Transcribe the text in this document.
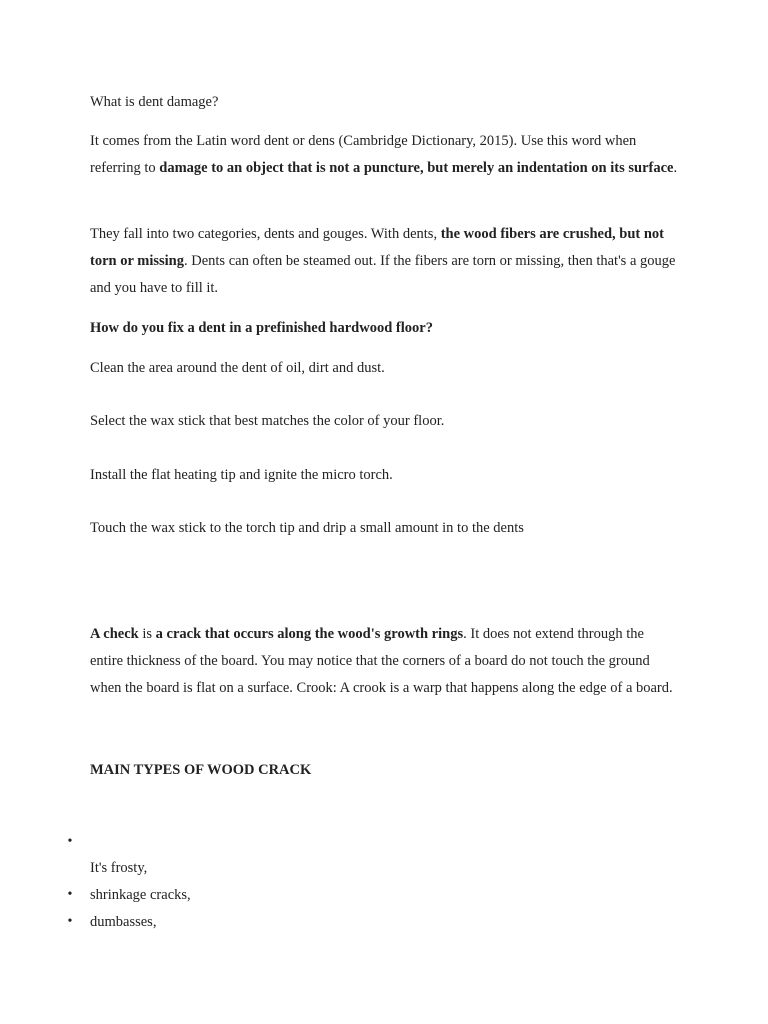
What is dent damage?
It comes from the Latin word dent or dens (Cambridge Dictionary, 2015). Use this word when referring to damage to an object that is not a puncture, but merely an indentation on its surface.
They fall into two categories, dents and gouges. With dents, the wood fibers are crushed, but not torn or missing. Dents can often be steamed out. If the fibers are torn or missing, then that's a gouge and you have to fill it.
How do you fix a dent in a prefinished hardwood floor?
Clean the area around the dent of oil, dirt and dust.
Select the wax stick that best matches the color of your floor.
Install the flat heating tip and ignite the micro torch.
Touch the wax stick to the torch tip and drip a small amount in to the dents
A check is a crack that occurs along the wood's growth rings. It does not extend through the entire thickness of the board. You may notice that the corners of a board do not touch the ground when the board is flat on a surface. Crook: A crook is a warp that happens along the edge of a board.
MAIN TYPES OF WOOD CRACK
•
It's frosty,
• shrinkage cracks,
• dumbasses,
